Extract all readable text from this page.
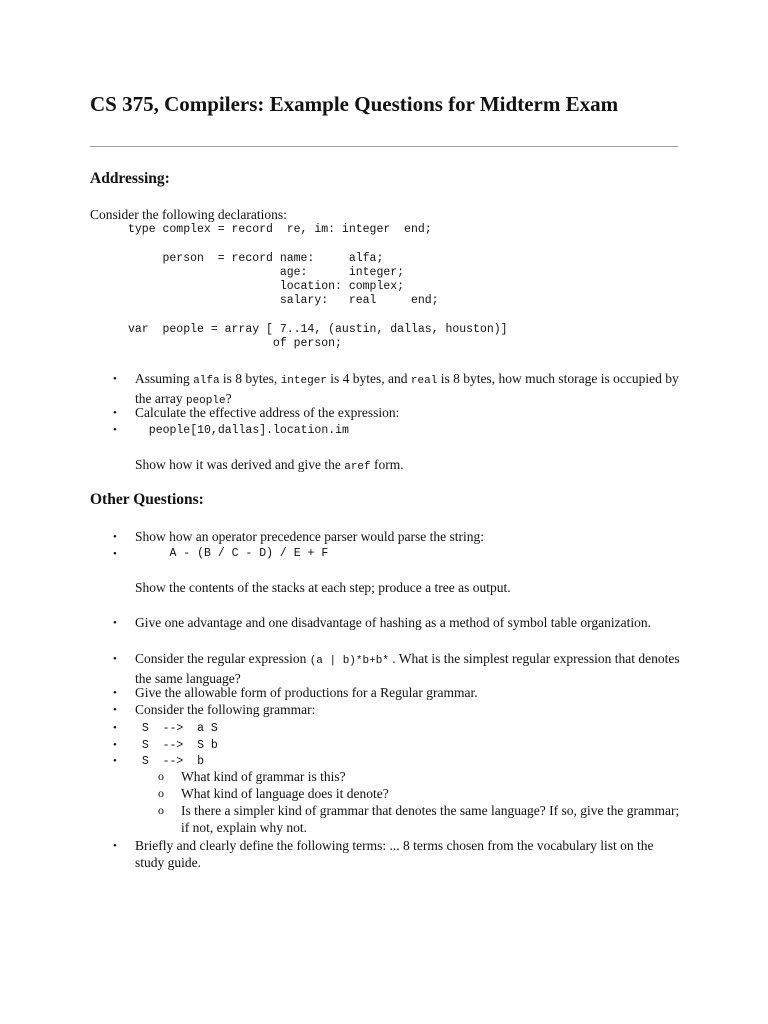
CS 375, Compilers: Example Questions for Midterm Exam
Addressing:
Consider the following declarations:
type complex = record  re, im: integer  end;
person  = record name:     alfa;
age:      integer;
location: complex;
salary:   real     end;
var  people = array [ 7..14, (austin, dallas, houston)]
of person;
• Assuming alfa is 8 bytes, integer is 4 bytes, and real is 8 bytes, how much storage is occupied by the array people?
• Calculate the effective address of the expression:
• people[10,dallas].location.im
Show how it was derived and give the aref form.
Other Questions:
• Show how an operator precedence parser would parse the string:
• A - (B / C - D) / E + F
Show the contents of the stacks at each step; produce a tree as output.
• Give one advantage and one disadvantage of hashing as a method of symbol table organization.
• Consider the regular expression (a | b)*b+b* . What is the simplest regular expression that denotes the same language?
• Give the allowable form of productions for a Regular grammar.
• Consider the following grammar:
• S  -->  a S
• S  -->  S b
• S  -->  b
o What kind of grammar is this?
o What kind of language does it denote?
o Is there a simpler kind of grammar that denotes the same language? If so, give the grammar; if not, explain why not.
• Briefly and clearly define the following terms: ... 8 terms chosen from the vocabulary list on the study guide.
